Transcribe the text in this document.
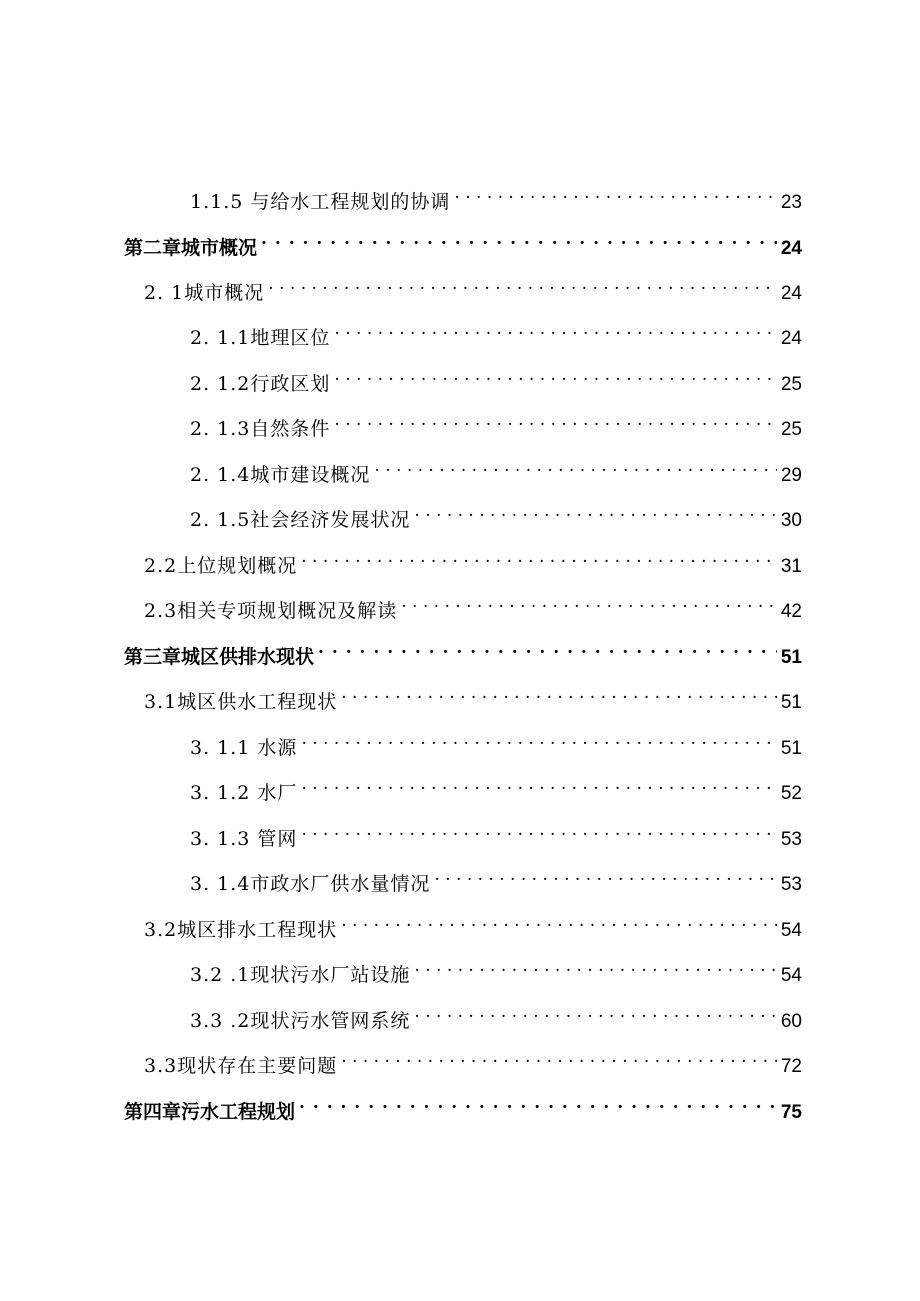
1.1.5 与给水工程规划的协调 . . .	23
第二章城市概况 . . .	24
2. 1城市概况 . . .	24
2. 1.1地理区位 . . .	24
2. 1.2行政区划 . . .	25
2. 1.3自然条件 . . .	25
2. 1.4城市建设概况 . . .	29
2. 1.5社会经济发展状况 . . .	30
2.2上位规划概况 . . .	31
2.3相关专项规划概况及解读 . . .	42
第三章城区供排水现状 . . .	51
3.1城区供水工程现状 . . .	51
3. 1.1 水源 . . .	51
3. 1.2 水厂 . . .	52
3. 1.3 管网 . . .	53
3. 1.4市政水厂供水量情况 . . .	53
3.2城区排水工程现状 . . .	54
3.2 .1现状污水厂站设施 . . .	54
3.3 .2现状污水管网系统 . . .	60
3.3现状存在主要问题 . . .	72
第四章污水工程规划 . . .	75
